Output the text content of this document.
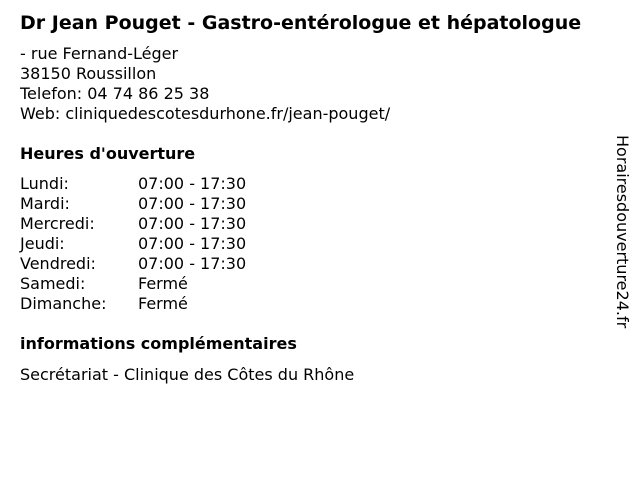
Dr Jean Pouget - Gastro-entérologue et hépatologue
- rue Fernand-Léger
38150 Roussillon
Telefon: 04 74 86 25 38
Web: cliniquedescotesdurhone.fr/jean-pouget/
Heures d'ouverture
Lundi:	07:00 - 17:30
Mardi:	07:00 - 17:30
Mercredi:	07:00 - 17:30
Jeudi:	07:00 - 17:30
Vendredi:	07:00 - 17:30
Samedi:	Fermé
Dimanche: Fermé
informations complémentaires
Secrétariat - Clinique des Côtes du Rhône
Horairesdouverture24.fr
